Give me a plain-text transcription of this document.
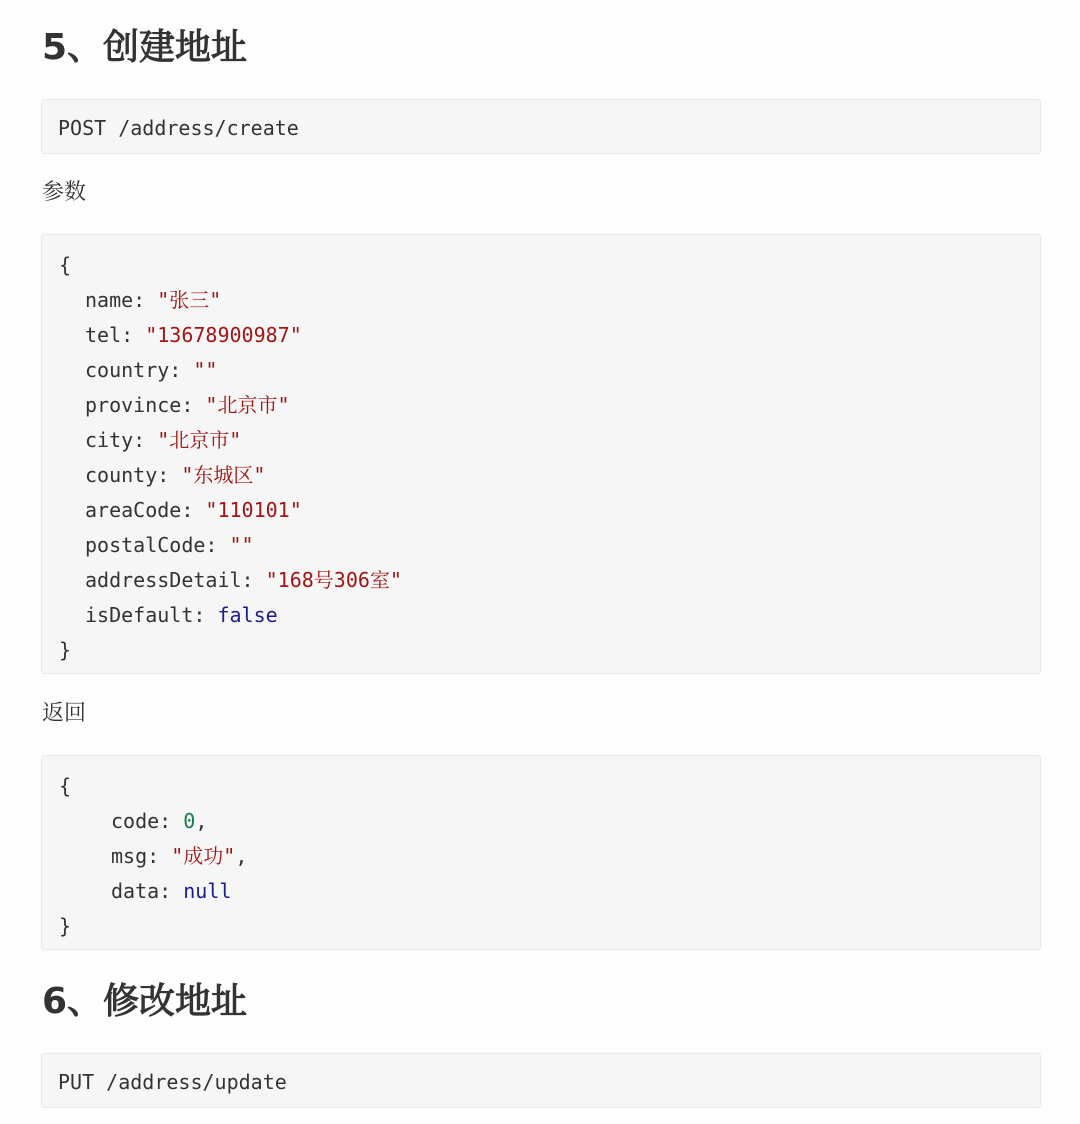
5、创建地址
POST /address/create

参数

{
name: "张三"
tel: "13678900987"
country: ""
province: "北京市"
city: "北京市"
county: "东城区"
areaCode: "110101"
postalCode: ""
addressDetail: "168号306室"
isDefault: false
}

返回

{
code: 0,
msg: "成功",
data: null
}
6、修改地址
PUT /address/update
